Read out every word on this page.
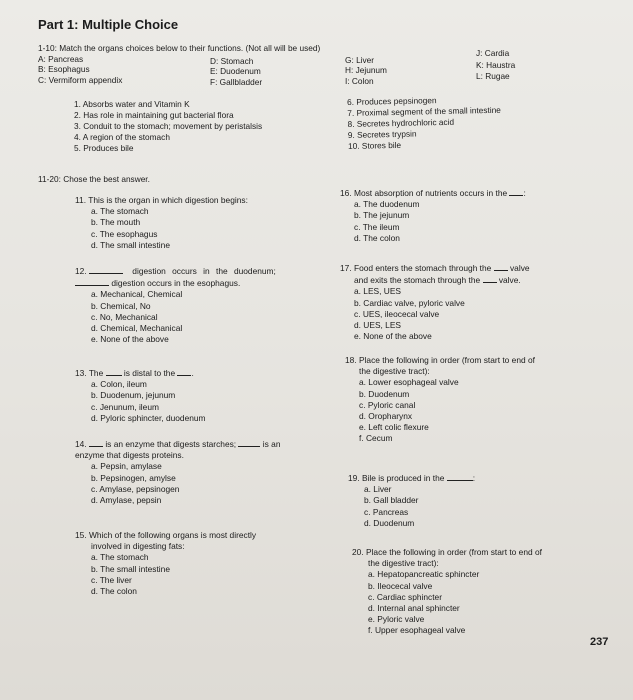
Part 1: Multiple Choice
1-10: Match the organs choices below to their functions. (Not all will be used)
A: Pancreas
B: Esophagus
C: Vermiform appendix
D: Stomach
E: Duodenum
F: Gallbladder
G: Liver
H: Jejunum
I: Colon
J: Cardia
K: Haustra
L: Rugae
1. Absorbs water and Vitamin K
2. Has role in maintaining gut bacterial flora
3. Conduit to the stomach; movement by peristalsis
4. A region of the stomach
5. Produces bile
6. Produces pepsinogen
7. Proximal segment of the small intestine
8. Secretes hydrochloric acid
9. Secretes trypsin
10. Stores bile
11-20: Chose the best answer.
11. This is the organ in which digestion begins:
a. The stomach
b. The mouth
c. The esophagus
d. The small intestine
12.	digestion occurs in the duodenum;
digestion occurs in the esophagus.
a. Mechanical, Chemical
b. Chemical, No
c. No, Mechanical
d. Chemical, Mechanical
e. None of the above
13. The is distal to the .
a. Colon, ileum
b. Duodenum, jejunum
c. Jenunum, ileum
d. Pyloric sphincter, duodenum
14. is an enzyme that digests starches;	is an
enzyme that digests proteins.
a. Pepsin, amylase
b. Pepsinogen, amylse
c. Amylase, pepsinogen
d. Amylase, pepsin
15. Which of the following organs is most directly
involved in digesting fats:
a. The stomach
b. The small intestine
c. The liver
d. The colon
16. Most absorption of nutrients occurs in the :
a. The duodenum
b. The jejunum
c. The ileum
d. The colon
17. Food enters the stomach through the valve
and exits the stomach through the valve.
a. LES, UES
b. Cardiac valve, pyloric valve
c. UES, ileocecal valve
d. UES, LES
e. None of the above
18. Place the following in order (from start to end of
the digestive tract):
a. Lower esophageal valve
b. Duodenum
c. Pyloric canal
d. Oropharynx
e. Left colic flexure
f. Cecum
19. Bile is produced in the	:
a. Liver
b. Gall bladder
c. Pancreas
d. Duodenum
20. Place the following in order (from start to end of
the digestive tract):
a. Hepatopancreatic sphincter
b. Ileocecal valve
c. Cardiac sphincter
d. Internal anal sphincter
e. Pyloric valve
f. Upper esophageal valve
237
